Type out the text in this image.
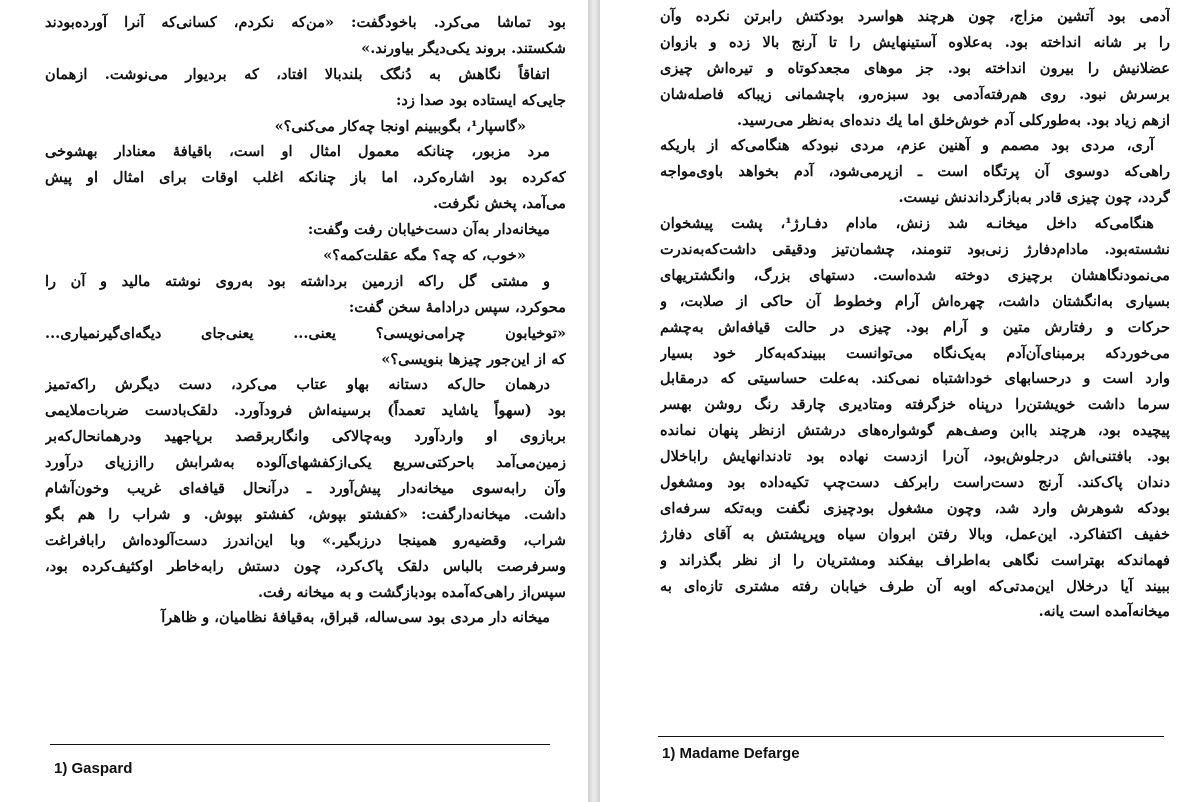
بود تماشا می‌کرد. باخودگفت: «من‌که نکردم، کسانی‌که آنرا آورده‌بودند
شکستند. بروند یکی‌دیگر بیاورند.»
اتفاقاً نگاهش به دُنگک بلندبالا افتاد، که بردیوار می‌نوشت. ازهمان
جایی‌که ایستاده بود صدا زد:
«گاسپار¹، بگوببینم اونجا چه‌کار می‌کنی؟»
مرد مزبور، چنانکه معمول امثال او است، باقیافهٔ معنادار بهشوخی
که‌کرده بود اشاره‌کرد، اما باز چنانکه اغلب اوقات برای امثال او پیش
می‌آمد، پخش نگرفت.
میخانه‌دار به‌آن دست‌خیابان رفت وگفت:
«خوب، که چه؟ مگه عقلت‌کمه؟»
و مشتی گل راکه ازرمین برداشته بود به‌روی نوشته مالید و آن را
محوکرد، سپس درادامهٔ سخن گفت:
«توخیابون چرامی‌نویسی؟ یعنی... یعنی‌جای دیگه‌ای‌گیرنمیاری...
که از این‌جور چیزها بنویسی؟»
درهمان حال‌که دستانه بهاو عتاب می‌کرد، دست دیگرش راکه‌تمیز
بود (سهواً یاشاید تعمداً) برسینه‌اش فرودآورد. دلقک‌بادست ضربات‌ملایمی
بربازوی او واردآورد وبه‌چالاکی وانگاربرقصد برپاجهید ودرهمانحال‌که‌بر
زمین‌می‌آمد باحرکتی‌سریع یکی‌ازکفشهای‌آلوده به‌شرابش رااززیای درآورد
وآن رابه‌سوی میخانه‌دار پیش‌آورد ـ درآنحال قیافه‌ای غریب وخون‌آشام
داشت. میخانه‌دارگفت: «کفشتو بپوش، کفشتو بپوش. و شراب را هم بگو
شراب، وقضیه‌رو همینجا درزبگیر.» وبا این‌اندرز دست‌آلوده‌اش رابافراغت
وسرفرصت بالباس دلقک پاک‌کرد، چون دستش رابه‌خاطر اوکثیف‌کرده بود،
سپس‌از راهی‌که‌آمده بودبازگشت و به میخانه رفت.
میخانه دار مردی بود سی‌ساله، قبراق، به‌قیافهٔ نظامیان، و ظاهرآ
1) Gaspard
آدمی بود آتشین مزاج، چون هرچند هواسرد بودکتش رابرتن نکرده وآن
را بر شانه انداخته بود. به‌علاوه آستینهایش را تا آرنج بالا زده و بازوان
عضلانیش را بیرون انداخته بود. جز موهای مجعدکوتاه و تیره‌اش چیزی
برسرش نبود. روی هم‌رفته‌آدمی بود سبزه‌رو، باچشمانی زیباکه فاصله‌شان
ازهم زیاد بود. به‌طورکلی آدم خوش‌خلق اما یك دنده‌ای به‌نظر می‌رسید.
آری، مردی بود مصمم و آهنین عزم، مردی نبودکه هنگامی‌که از باریکه
راهی‌که دوسوی آن پرتگاه است ـ ازپرمی‌شود، آدم بخواهد باوی‌مواجه
گردد، چون چیزی قادر به‌بازگرداندنش نیست.
هنگامی‌که داخل میخانـه شد زنش، مادام دفـارژ¹، پشت پیشخوان
نشسته‌بود. مادام‌دفارژ زنی‌بود تنومند، چشمان‌تیز ودقیقی داشت‌که‌به‌ندرت
می‌نمودنگاهشان برچیزی دوخته شده‌است. دستهای بزرگ، وانگشتریهای
بسیاری به‌انگشتان داشت، چهره‌اش آرام وخطوط آن حاکی از صلابت، و
حرکات و رفتارش متین و آرام بود. چیزی در حالت قیافه‌اش به‌چشم
می‌خوردکه برمبنای‌آن‌آدم به‌یک‌نگاه می‌توانست ببیندکه‌به‌کار خود بسیار
وارد است و درحسابهای خوداشتباه نمی‌کند. به‌علت حساسیتی که درمقابل
سرما داشت خویشتن‌را درپناه خزگرفته ومتادیری چارقد رنگ روشن بهسر
پیچیده بود، هرچند باابن وصف‌هم گوشواره‌های درشتش ازنظر پنهان نمانده
بود. بافتنی‌اش درجلوش‌بود، آن‌را ازدست نهاده بود تادندانهایش رابا‌خلال
دندان پاک‌کند. آرنج دست‌راست رابرکف دست‌چپ تکیه‌داده بود ومشغول
بودکه شوهرش وارد شد، وچون مشغول بودچیزی نگفت وبه‌تکه سرفه‌ای
خفیف اکتفاکرد. این‌عمل، وبالا رفتن ابروان سیاه وپرپشتش به آقای دفارژ
فهماندکه بهتراست نگاهی به‌اطراف بیفکند ومشتریان را از نظر بگذراند و
ببیند آیا درخلال این‌مدتی‌که اوبه آن طرف خیابان رفته مشتری تازه‌ای به
میخانه‌آمده است یانه.
1) Madame Defarge
